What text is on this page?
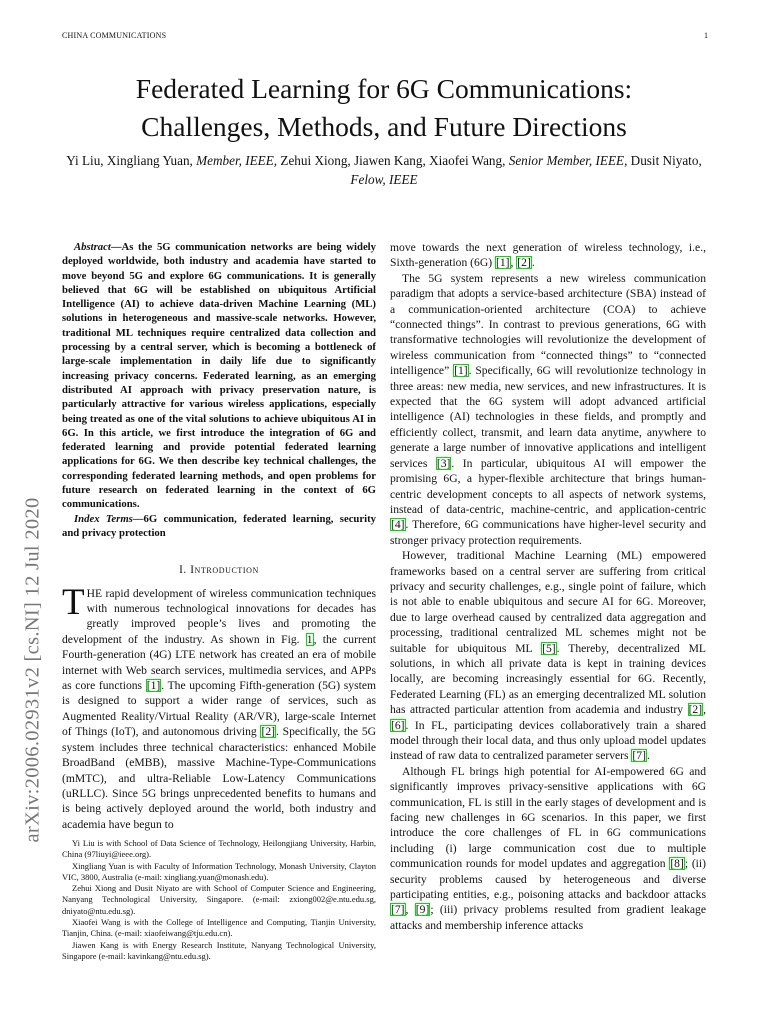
CHINA COMMUNICATIONS	1
arXiv:2006.02931v2 [cs.NI] 12 Jul 2020
Federated Learning for 6G Communications:
Challenges, Methods, and Future Directions
Yi Liu, Xingliang Yuan, Member, IEEE, Zehui Xiong, Jiawen Kang, Xiaofei Wang, Senior Member, IEEE, Dusit Niyato, Felow, IEEE

Abstract—As the 5G communication networks are being widely deployed worldwide, both industry and academia have started to move beyond 5G and explore 6G communications. It is generally believed that 6G will be established on ubiquitous Artificial Intelligence (AI) to achieve data-driven Machine Learning (ML) solutions in heterogeneous and massive-scale networks. However, traditional ML techniques require centralized data collection and processing by a central server, which is becoming a bottleneck of large-scale implementation in daily life due to significantly increasing privacy concerns. Federated learning, as an emerging distributed AI approach with privacy preservation nature, is particularly attractive for various wireless applications, especially being treated as one of the vital solutions to achieve ubiquitous AI in 6G. In this article, we first introduce the integration of 6G and federated learning and provide potential federated learning applications for 6G. We then describe key technical challenges, the corresponding federated learning methods, and open problems for future research on federated learning in the context of 6G communications.

Index Terms—6G communication, federated learning, security and privacy protection

I. Introduction

THE rapid development of wireless communication techniques with numerous technological innovations for decades has greatly improved people’s lives and promoting the development of the industry. As shown in Fig. 1, the current Fourth-generation (4G) LTE network has created an era of mobile internet with Web search services, multimedia services, and APPs as core functions [1]. The upcoming Fifth-generation (5G) system is designed to support a wider range of services, such as Augmented Reality/Virtual Reality (AR/VR), large-scale Internet of Things (IoT), and autonomous driving [2]. Specifically, the 5G system includes three technical characteristics: enhanced Mobile BroadBand (eMBB), massive Machine-Type-Communications (mMTC), and ultra-Reliable Low-Latency Communications (uRLLC). Since 5G brings unprecedented benefits to humans and is being actively deployed around the world, both industry and academia have begun to

Yi Liu is with School of Data Science of Technology, Heilongjiang University, Harbin, China (97liuyi@ieee.org).

Xingliang Yuan is with Faculty of Information Technology, Monash University, Clayton VIC, 3800, Australia (e-mail: xingliang.yuan@monash.edu).

Zehui Xiong and Dusit Niyato are with School of Computer Science and Engineering, Nanyang Technological University, Singapore. (e-mail: zxiong002@e.ntu.edu.sg, dniyato@ntu.edu.sg).

Xiaofei Wang is with the College of Intelligence and Computing, Tianjin University, Tianjin, China. (e-mail: xiaofeiwang@tju.edu.cn).

Jiawen Kang is with Energy Research Institute, Nanyang Technological University, Singapore (e-mail: kavinkang@ntu.edu.sg).

move towards the next generation of wireless technology, i.e., Sixth-generation (6G) [1], [2].

The 5G system represents a new wireless communication paradigm that adopts a service-based architecture (SBA) instead of a communication-oriented architecture (COA) to achieve “connected things”. In contrast to previous generations, 6G with transformative technologies will revolutionize the development of wireless communication from “connected things” to “connected intelligence” [1]. Specifically, 6G will revolutionize technology in three areas: new media, new services, and new infrastructures. It is expected that the 6G system will adopt advanced artificial intelligence (AI) technologies in these fields, and promptly and efficiently collect, transmit, and learn data anytime, anywhere to generate a large number of innovative applications and intelligent services [3]. In particular, ubiquitous AI will empower the promising 6G, a hyper-flexible architecture that brings human-centric development concepts to all aspects of network systems, instead of data-centric, machine-centric, and application-centric [4]. Therefore, 6G communications have higher-level security and stronger privacy protection requirements.

However, traditional Machine Learning (ML) empowered frameworks based on a central server are suffering from critical privacy and security challenges, e.g., single point of failure, which is not able to enable ubiquitous and secure AI for 6G. Moreover, due to large overhead caused by centralized data aggregation and processing, traditional centralized ML schemes might not be suitable for ubiquitous ML [5]. Thereby, decentralized ML solutions, in which all private data is kept in training devices locally, are becoming increasingly essential for 6G. Recently, Federated Learning (FL) as an emerging decentralized ML solution has attracted particular attention from academia and industry [2], [6]. In FL, participating devices collaboratively train a shared model through their local data, and thus only upload model updates instead of raw data to centralized parameter servers [7].

Although FL brings high potential for AI-empowered 6G and significantly improves privacy-sensitive applications with 6G communication, FL is still in the early stages of development and is facing new challenges in 6G scenarios. In this paper, we first introduce the core challenges of FL in 6G communications including (i) large communication cost due to multiple communication rounds for model updates and aggregation [8]; (ii) security problems caused by heterogeneous and diverse participating entities, e.g., poisoning attacks and backdoor attacks [7], [9]; (iii) privacy problems resulted from gradient leakage attacks and membership inference attacks
